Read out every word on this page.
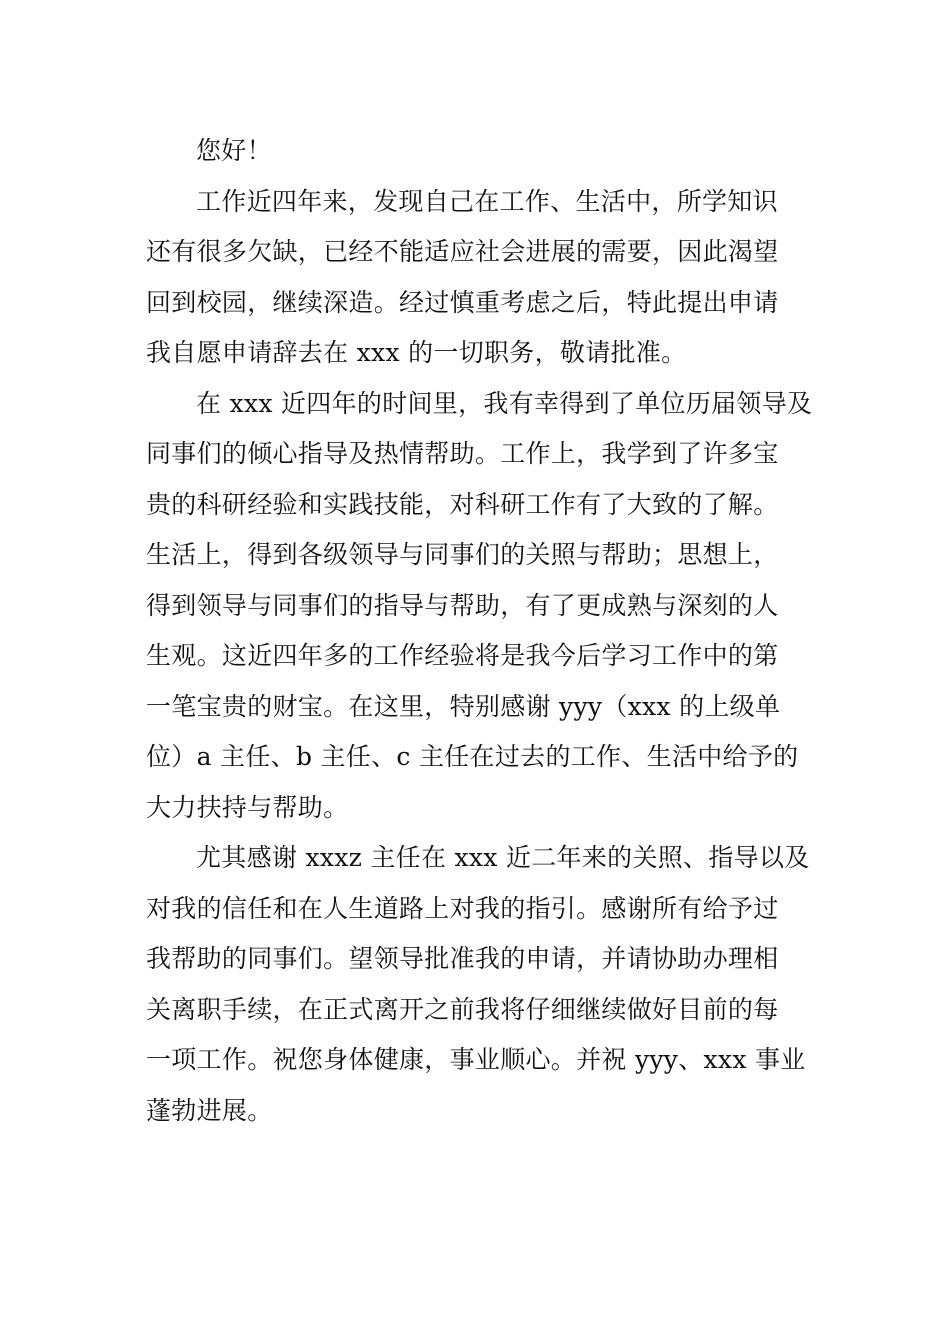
您好！
工作近四年来，发现自己在工作、生活中，所学知识
还有很多欠缺，已经不能适应社会进展的需要，因此渴望
回到校园，继续深造。经过慎重考虑之后，特此提出申请
我自愿申请辞去在 xxx 的一切职务，敬请批准。
在 xxx 近四年的时间里，我有幸得到了单位历届领导及
同事们的倾心指导及热情帮助。工作上，我学到了许多宝
贵的科研经验和实践技能，对科研工作有了大致的了解。
生活上，得到各级领导与同事们的关照与帮助；思想上，
得到领导与同事们的指导与帮助，有了更成熟与深刻的人
生观。这近四年多的工作经验将是我今后学习工作中的第
一笔宝贵的财宝。在这里，特别感谢 yyy（xxx 的上级单
位）a 主任、b 主任、c 主任在过去的工作、生活中给予的
大力扶持与帮助。
尤其感谢 xxxz 主任在 xxx 近二年来的关照、指导以及
对我的信任和在人生道路上对我的指引。感谢所有给予过
我帮助的同事们。望领导批准我的申请，并请协助办理相
关离职手续，在正式离开之前我将仔细继续做好目前的每
一项工作。祝您身体健康，事业顺心。并祝 yyy、xxx 事业
蓬勃进展。
